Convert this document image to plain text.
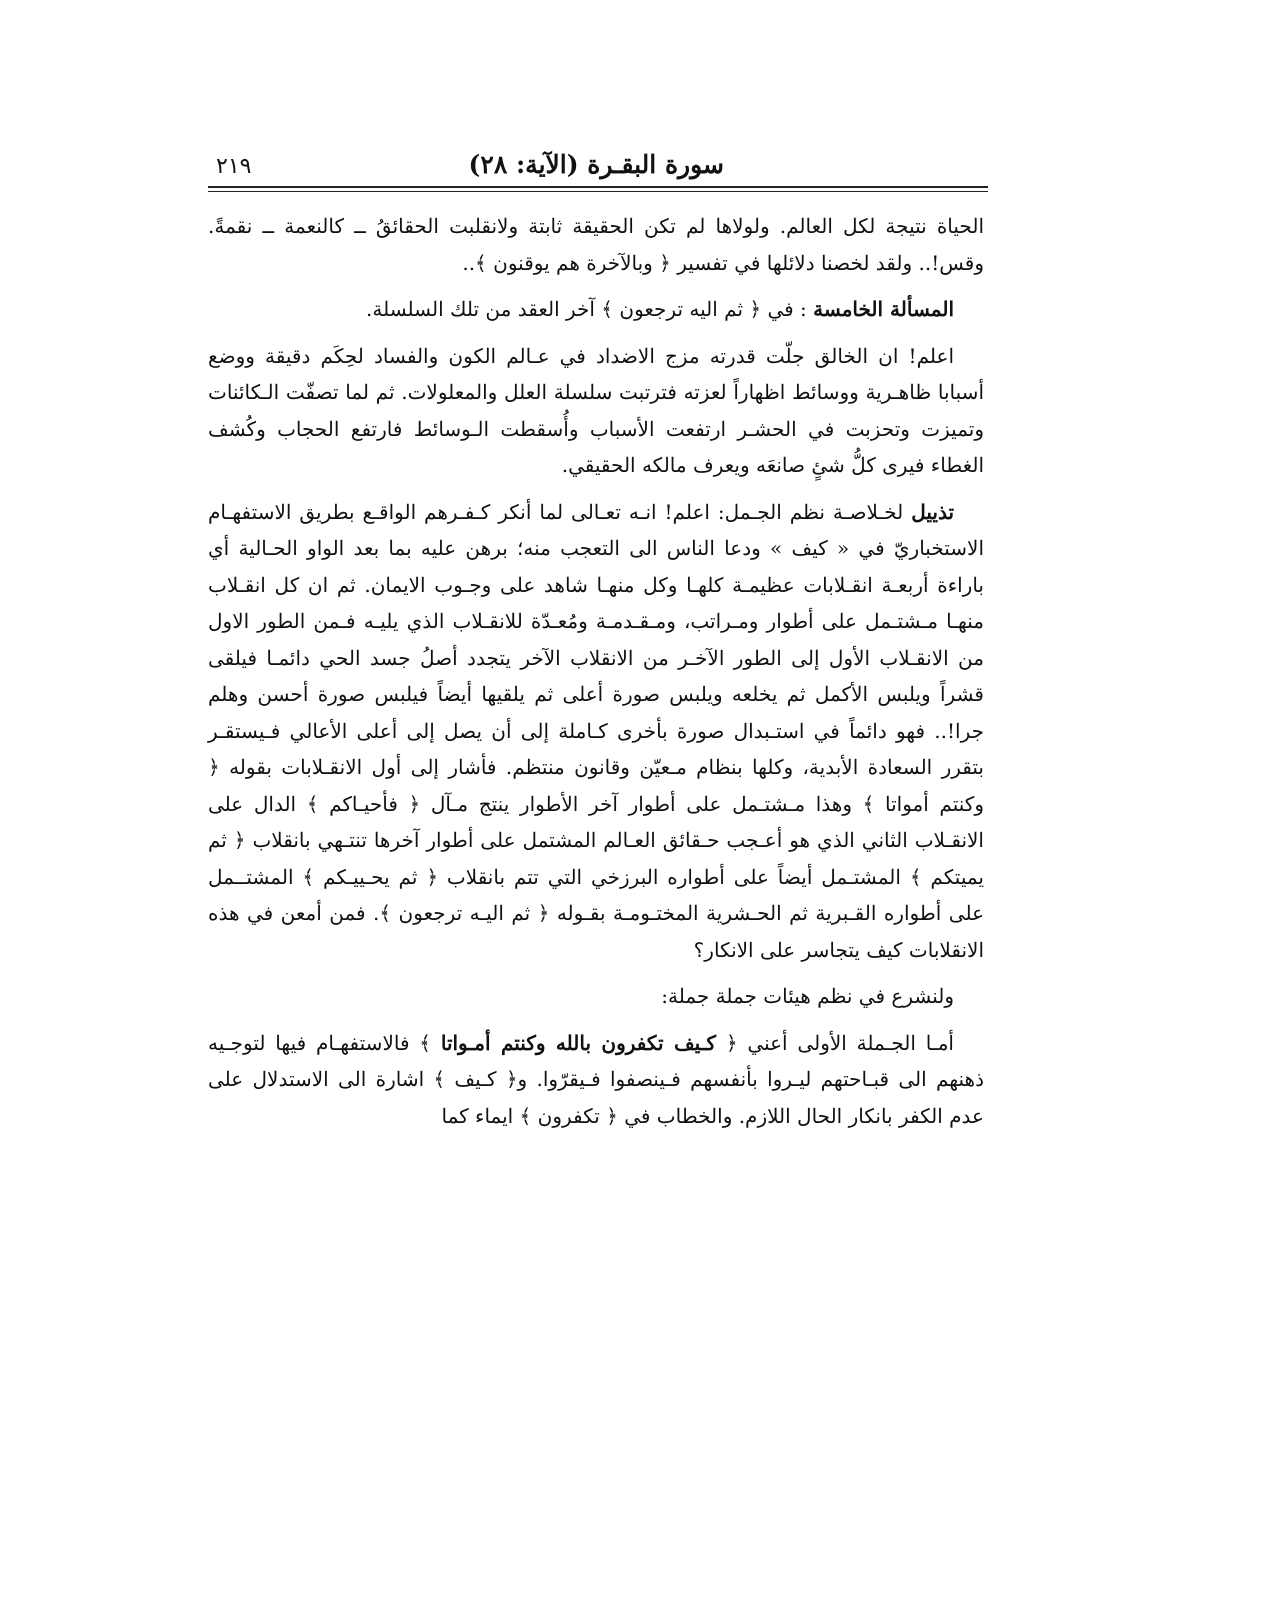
سورة البقـرة (الآية: ٢٨)
٢١٩

الحياة نتيجة لكل العالم. ولولاها لم تكن الحقيقة ثابتة ولانقلبت الحقائقُ ــ كالنعمة ــ نقمةً. وقس!.. ولقد لخصنا دلائلها في تفسير ﴿ وبالآخرة هم يوقنون ﴾..

المسألة الخامسة : في ﴿ ثم اليه ترجعون ﴾ آخر العقد من تلك السلسلة.

اعلم! ان الخالق جلّت قدرته مزج الاضداد في عـالم الكون والفساد لحِكَم دقيقة ووضع أسبابا ظاهـرية ووسائط اظهاراً لعزته فترتبت سلسلة العلل والمعلولات. ثم لما تصفّت الـكائنات وتميزت وتحزبت في الحشـر ارتفعت الأسباب وأُسقطت الـوسائط فارتفع الحجاب وكُشف الغطاء فيرى كلُّ شئٍ صانعَه ويعرف مالكه الحقيقي.

تذييل لخـلاصـة نظم الجـمل: اعلم! انـه تعـالى لما أنكر كـفـرهم الواقـع بطريق الاستفهـام الاستخباريّ في « كيف » ودعا الناس الى التعجب منه؛ برهن عليه بما بعد الواو الحـالية أي باراءة أربعـة انقـلابات عظيمـة كلهـا وكل منهـا شاهد على وجـوب الايمان. ثم ان كل انقـلاب منهـا مـشتـمل على أطوار ومـراتب، ومـقـدمـة ومُعـدّة للانقـلاب الذي يليـه فـمن الطور الاول من الانقـلاب الأول إلى الطور الآخـر من الانقلاب الآخر يتجدد أصلُ جسد الحي دائمـا فيلقى قشراً ويلبس الأكمل ثم يخلعه ويلبس صورة أعلى ثم يلقيها أيضاً فيلبس صورة أحسن وهلم جرا!.. فهو دائماً في استـبدال صورة بأخرى كـاملة إلى أن يصل إلى أعلى الأعالي فـيستقـر بتقرر السعادة الأبدية، وكلها بنظام مـعيّن وقانون منتظم. فأشار إلى أول الانقـلابات بقوله ﴿ وكنتم أمواتا ﴾ وهذا مـشتـمل على أطوار آخر الأطوار ينتج مـآل ﴿ فأحيـاكم ﴾ الدال على الانقـلاب الثاني الذي هو أعـجب حـقائق العـالم المشتمل على أطوار آخرها تنتـهي بانقلاب ﴿ ثم يميتكم ﴾ المشتـمل أيضاً على أطواره البرزخي التي تتم بانقلاب ﴿ ثم يحـييـكم ﴾ المشتــمل على أطواره القـبرية ثم الحـشرية المختـومـة بقـوله ﴿ ثم اليـه ترجعون ﴾. فمن أمعن في هذه الانقلابات كيف يتجاسر على الانكار؟

ولنشرع في نظم هيئات جملة جملة:

أمـا الجـملة الأولى أعني ﴿ كـيف تكفرون بالله وكنتم أمـواتا ﴾ فالاستفهـام فيها لتوجـيه ذهنهم الى قبـاحتهم ليـروا بأنفسهم فـينصفوا فـيقرّوا. و﴿ كـيف ﴾ اشارة الى الاستدلال على عدم الكفر بانكار الحال اللازم. والخطاب في ﴿ تكفرون ﴾ ايماء كما
